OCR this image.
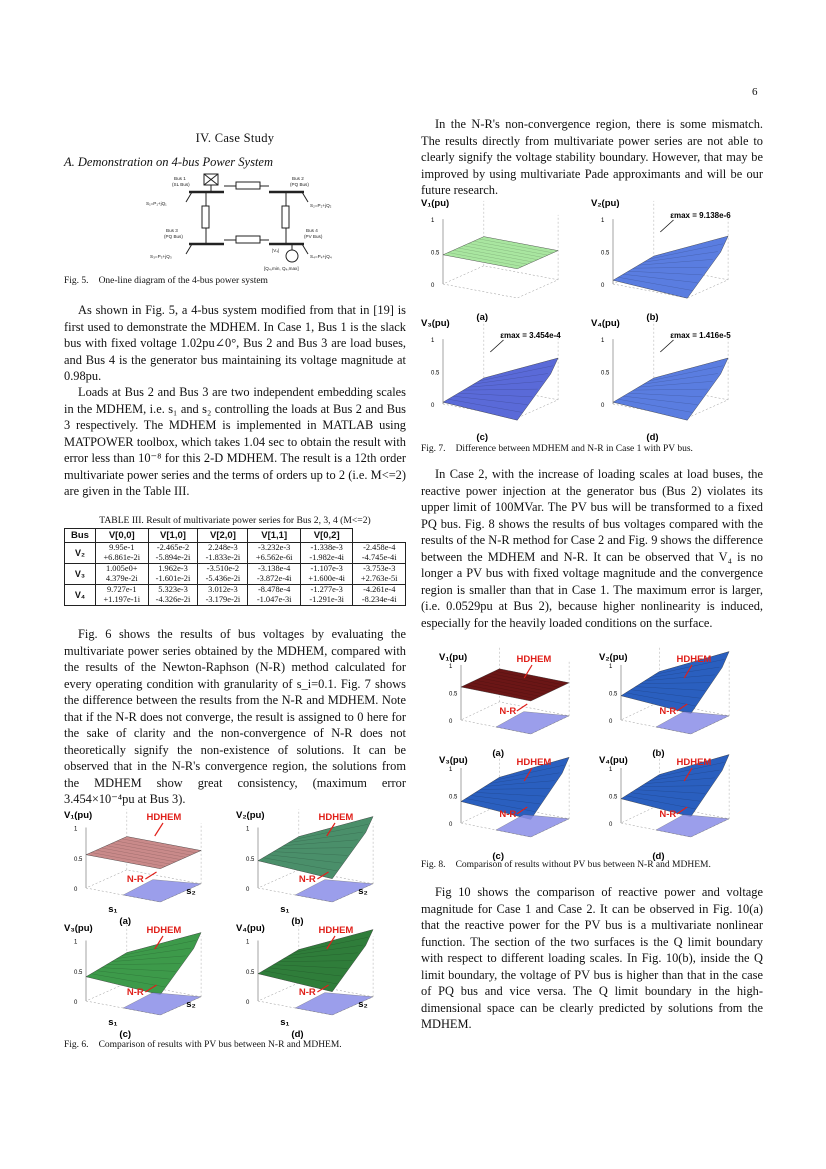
6
IV. Case Study
A. Demonstration on 4-bus Power System
Bus 1
(SL Bus)
Bus 2
(PQ Bus)
Bus 3
(PQ Bus)
Bus 4
(PV Bus)
S₁=P₁+jQ₁	S₂=P₂+jQ₂
S₃=P₃+jQ₃	S₄=P₄+jQ₄
|V₄|
[Q₄,min, Q₄,max]
Fig. 5. One-line diagram of the 4-bus power system

As shown in Fig. 5, a 4-bus system modified from that in [19] is first used to demonstrate the MDHEM. In Case 1, Bus 1 is the slack bus with fixed voltage 1.02pu∠0°, Bus 2 and Bus 3 are load buses, and Bus 4 is the generator bus maintaining its voltage magnitude at 0.98pu.

Loads at Bus 2 and Bus 3 are two independent embedding scales in the MDHEM, i.e. s₁ and s₂ controlling the loads at Bus 2 and Bus 3 respectively. The MDHEM is implemented in MATLAB using MATPOWER toolbox, which takes 1.04 sec to obtain the result with error less than 10⁻⁸ for this 2-D MDHEM. The result is a 12th order multivariate power series and the terms of orders up to 2 (i.e. M<=2) are given in the Table III.

TABLE III. Result of multivariate power series for Bus 2, 3, 4 (M<=2)
Bus	V[0,0]	V[1,0]	V[2,0]	V[1,1]	V[0,2]	
V₂	9.95e-1	-2.465e-2	2.248e-3	-3.232e-3	-1.338e-3	-2.458e-4
	+6.861e-2i	-5.894e-2i	-1.833e-2i	+6.562e-6i	-1.982e-4i	-4.745e-4i
V₃	1.005e0+	1.962e-3	-3.510e-2	-3.138e-4	-1.107e-3	-3.753e-3
	4.379e-2i	-1.601e-2i	-5.436e-2i	-3.872e-4i	+1.600e-4i	+2.763e-5i
V₄	9.727e-1	5.323e-3	3.012e-3	-8.478e-4	-1.277e-3	-4.261e-4
	+1.197e-1i	-4.326e-2i	-3.179e-2i	-1.047e-3i	-1.291e-3i	-8.234e-4i

Fig. 6 shows the results of bus voltages by evaluating the multivariate power series obtained by the MDHEM, compared with the results of the Newton-Raphson (N-R) method calculated for every operating condition with granularity of s_i=0.1. Fig. 7 shows the difference between the results from the N-R and MDHEM. Note that if the N-R does not converge, the result is assigned to 0 here for the sake of clarity and the non-convergence of N-R does not theoretically signify the non-existence of solutions. It can be observed that in the N-R's convergence region, the solutions from the MDHEM show great consistency, (maximum error 3.454×10⁻⁴pu at Bus 3).

0
0.5
1
V₁(pu)
(a)
s₁
s₂
HDHEM
N-R
0
0.5
1
V₂(pu)
(b)
s₁
s₂
HDHEM
N-R
0
0.5
1
V₃(pu)
(c)
s₁
s₂
HDHEM
N-R
0
0.5
1
V₄(pu)
(d)
s₁
s₂
HDHEM
N-R
Fig. 6. Comparison of results with PV bus between N-R and MDHEM.

In the N-R's non-convergence region, there is some mismatch. The results directly from multivariate power series are not able to clearly signify the voltage stability boundary. However, that may be improved by using multivariate Pade approximants and will be our future research.

0
0.5
1
V₁(pu)
(a)
0
0.5
1
V₂(pu)
(b)
εmax = 9.138e-6
0
0.5
1
V₃(pu)
(c)
εmax = 3.454e-4
0
0.5
1
V₄(pu)
(d)
εmax = 1.416e-5
Fig. 7. Difference between MDHEM and N-R in Case 1 with PV bus.

In Case 2, with the increase of loading scales at load buses, the reactive power injection at the generator bus (Bus 2) violates its upper limit of 100MVar. The PV bus will be transformed to a fixed PQ bus. Fig. 8 shows the results of bus voltages compared with the results of the N-R method for Case 2 and Fig. 9 shows the difference between the MDHEM and N-R. It can be observed that V₄ is no longer a PV bus with fixed voltage magnitude and the convergence region is smaller than that in Case 1. The maximum error is larger, (i.e. 0.0529pu at Bus 2), because higher nonlinearity is induced, especially for the heavily loaded conditions on the surface.

0
0.5
1
V₁(pu)
(a)
HDHEM
N-R
0
0.5
1
V₂(pu)
(b)
HDHEM
N-R
0
0.5
1
V₃(pu)
(c)
HDHEM
N-R
0
0.5
1
V₄(pu)
(d)
HDHEM
N-R
Fig. 8. Comparison of results without PV bus between N-R and MDHEM.

Fig 10 shows the comparison of reactive power and voltage magnitude for Case 1 and Case 2. It can be observed in Fig. 10(a) that the reactive power for the PV bus is a multivariate nonlinear function. The section of the two surfaces is the Q limit boundary with respect to different loading scales. In Fig. 10(b), inside the Q limit boundary, the voltage of PV bus is higher than that in the case of PQ bus and vice versa. The Q limit boundary in the high-dimensional space can be clearly predicted by solutions from the MDHEM.
